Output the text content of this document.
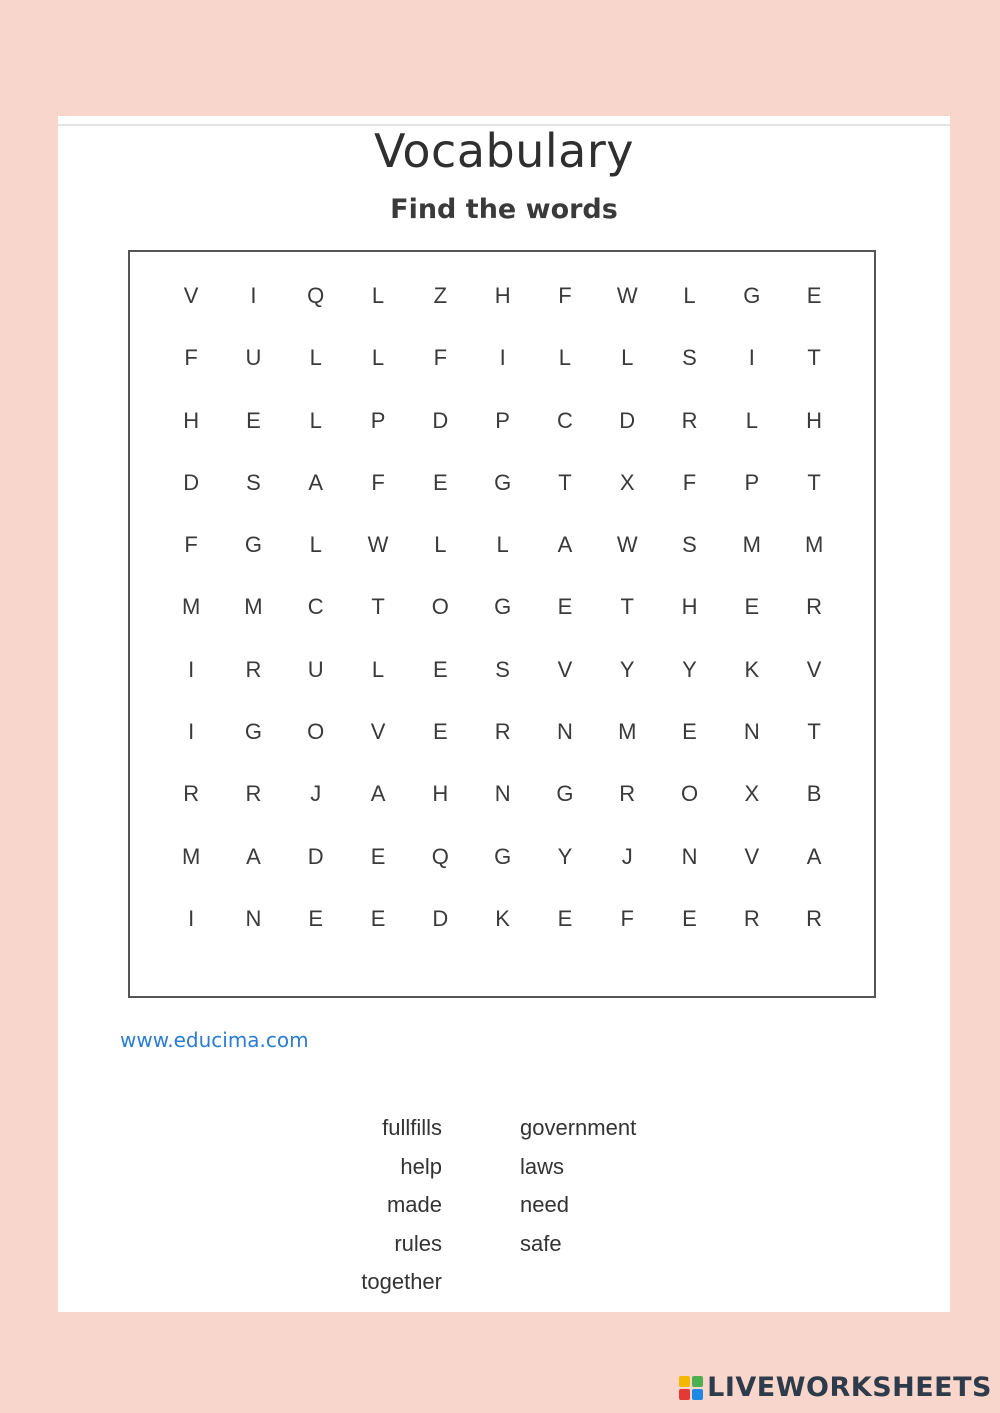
Vocabulary
Find the words
V	I	Q	L	Z	H	F	W	L	G	E
F	U	L	L	F	I	L	L	S	I	T
H	E	L	P	D	P	C	D	R	L	H
D	S	A	F	E	G	T	X	F	P	T
F	G	L	W	L	L	A	W	S	M	M
M	M	C	T	O	G	E	T	H	E	R
I	R	U	L	E	S	V	Y	Y	K	V
I	G	O	V	E	R	N	M	E	N	T
R	R	J	A	H	N	G	R	O	X	B
M	A	D	E	Q	G	Y	J	N	V	A
I	N	E	E	D	K	E	F	E	R	R
www.educima.com
fullfills
help
made
rules
together
government
laws
need
safe
LIVEWORKSHEETS
